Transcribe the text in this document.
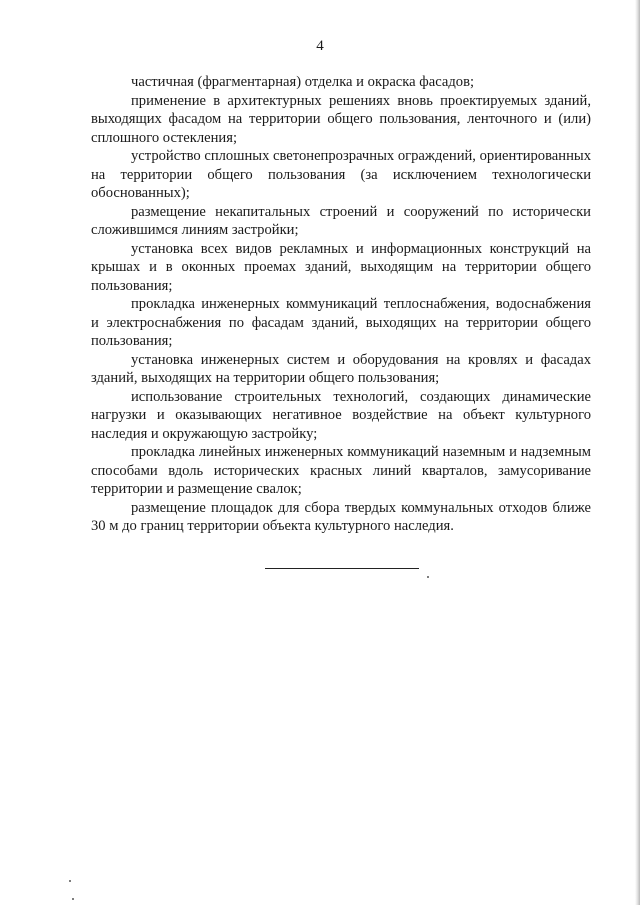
4

частичная (фрагментарная) отделка и окраска фасадов;

применение в архитектурных решениях вновь проектируемых зданий, выходящих фасадом на территории общего пользования, ленточного и (или) сплошного остекления;

устройство сплошных светонепрозрачных ограждений, ориентированных на территории общего пользования (за исключением технологически обоснованных);

размещение некапитальных строений и сооружений по исторически сложившимся линиям застройки;

установка всех видов рекламных и информационных конструкций на крышах и в оконных проемах зданий, выходящим на территории общего пользования;

прокладка инженерных коммуникаций теплоснабжения, водоснабжения и электроснабжения по фасадам зданий, выходящих на территории общего пользования;

установка инженерных систем и оборудования на кровлях и фасадах зданий, выходящих на территории общего пользования;

использование строительных технологий, создающих динамические нагрузки и оказывающих негативное воздействие на объект культурного наследия и окружающую застройку;

прокладка линейных инженерных коммуникаций наземным и надземным способами вдоль исторических красных линий кварталов, замусоривание территории и размещение свалок;

размещение площадок для сбора твердых коммунальных отходов ближе 30 м до границ территории объекта культурного наследия.
